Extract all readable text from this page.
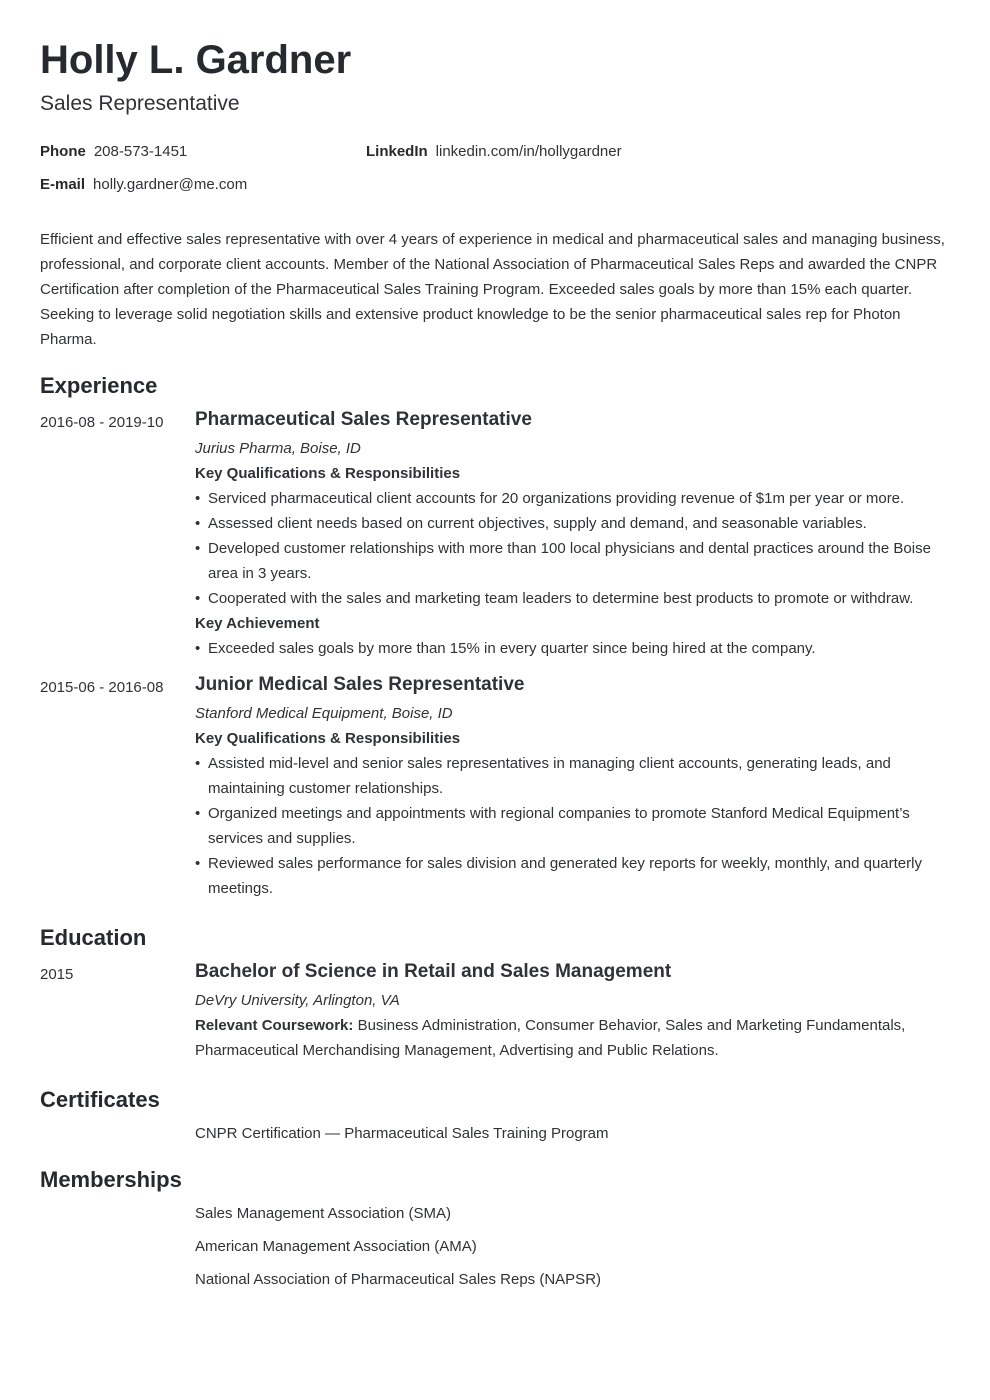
Holly L. Gardner
Sales Representative
Phone 208-573-1451	LinkedIn linkedin.com/in/hollygardner
E-mail holly.gardner@me.com

Efficient and effective sales representative with over 4 years of experience in medical and pharmaceutical sales and managing business, professional, and corporate client accounts. Member of the National Association of Pharmaceutical Sales Reps and awarded the CNPR Certification after completion of the Pharmaceutical Sales Training Program. Exceeded sales goals by more than 15% each quarter. Seeking to leverage solid negotiation skills and extensive product knowledge to be the senior pharmaceutical sales rep for Photon Pharma.

Experience
2016-08 - 2019-10 Pharmaceutical Sales Representative
Jurius Pharma, Boise, ID
Key Qualifications & Responsibilities
• Serviced pharmaceutical client accounts for 20 organizations providing revenue of $1m per year or more.
• Assessed client needs based on current objectives, supply and demand, and seasonable variables.
• Developed customer relationships with more than 100 local physicians and dental practices around the Boise area in 3 years.
• Cooperated with the sales and marketing team leaders to determine best products to promote or withdraw.
Key Achievement
• Exceeded sales goals by more than 15% in every quarter since being hired at the company.
2015-06 - 2016-08 Junior Medical Sales Representative
Stanford Medical Equipment, Boise, ID
Key Qualifications & Responsibilities
• Assisted mid-level and senior sales representatives in managing client accounts, generating leads, and maintaining customer relationships.
• Organized meetings and appointments with regional companies to promote Stanford Medical Equipment’s services and supplies.
• Reviewed sales performance for sales division and generated key reports for weekly, monthly, and quarterly meetings.
Education
2015	Bachelor of Science in Retail and Sales Management
DeVry University, Arlington, VA
Relevant Coursework: Business Administration, Consumer Behavior, Sales and Marketing Fundamentals, Pharmaceutical Merchandising Management, Advertising and Public Relations.
Certificates
CNPR Certification — Pharmaceutical Sales Training Program
Memberships
Sales Management Association (SMA)
American Management Association (AMA)
National Association of Pharmaceutical Sales Reps (NAPSR)
